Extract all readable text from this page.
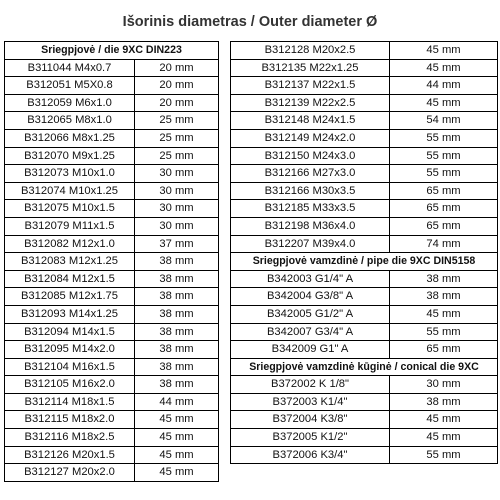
Išorinis diametras / Outer diameter Ø
Sriegpjovė / die 9XC DIN223	
B311044 M4x0.7	20 mm
B312051 M5X0.8	20 mm
B312059 M6x1.0	20 mm
B312065 M8x1.0	25 mm
B312066 M8x1.25	25 mm
B312070 M9x1.25	25 mm
B312073 M10x1.0	30 mm
B312074 M10x1.25	30 mm
B312075 M10x1.5	30 mm
B312079 M11x1.5	30 mm
B312082 M12x1.0	37 mm
B312083 M12x1.25	38 mm
B312084 M12x1.5	38 mm
B312085 M12x1.75	38 mm
B312093 M14x1.25	38 mm
B312094 M14x1.5	38 mm
B312095 M14x2.0	38 mm
B312104 M16x1.5	38 mm
B312105 M16x2.0	38 mm
B312114 M18x1.5	44 mm
B312115 M18x2.0	45 mm
B312116 M18x2.5	45 mm
B312126 M20x1.5	45 mm
B312127 M20x2.0	45 mm
B312128 M20x2.5	45 mm
B312135 M22x1.25	45 mm
B312137 M22x1.5	44 mm
B312139 M22x2.5	45 mm
B312148 M24x1.5	54 mm
B312149 M24x2.0	55 mm
B312150 M24x3.0	55 mm
B312166 M27x3.0	55 mm
B312166 M30x3.5	65 mm
B312185 M33x3.5	65 mm
B312198 M36x4.0	65 mm
B312207 M39x4.0	74 mm
Sriegpjovė vamzdinė / pipe die 9XC DIN5158	
B342003 G1/4" A	38 mm
B342004 G3/8" A	38 mm
B342005 G1/2" A	45 mm
B342007 G3/4" A	55 mm
B342009 G1" A	65 mm
Sriegpjovė vamzdinė kūginė / conical die 9XC	
B372002 K 1/8"	30 mm
B372003 K1/4"	38 mm
B372004 K3/8"	45 mm
B372005 K1/2"	45 mm
B372006 K3/4"	55 mm
